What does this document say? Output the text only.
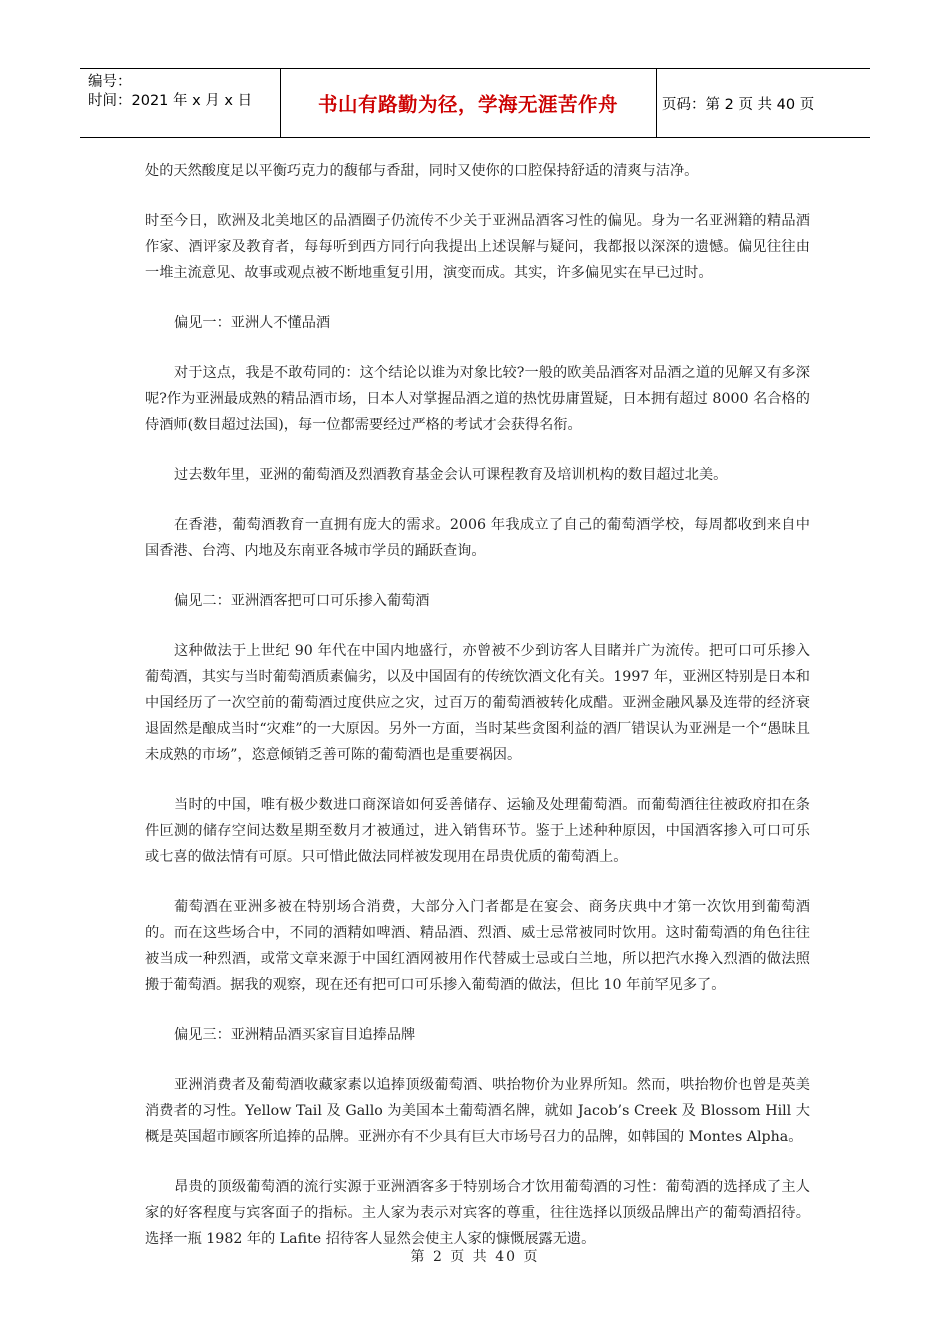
编号：
时间：2021 年 x 月 x 日	书山有路勤为径，学海无涯苦作舟	页码：第 2 页 共 40 页

处的天然酸度足以平衡巧克力的馥郁与香甜，同时又使你的口腔保持舒适的清爽与洁净。

时至今日，欧洲及北美地区的品酒圈子仍流传不少关于亚洲品酒客习性的偏见。身为一名亚洲籍的精品酒作家、酒评家及教育者，每每听到西方同行向我提出上述误解与疑问，我都报以深深的遗憾。偏见往往由一堆主流意见、故事或观点被不断地重复引用，演变而成。其实，许多偏见实在早已过时。

偏见一：亚洲人不懂品酒

对于这点，我是不敢苟同的：这个结论以谁为对象比较?一般的欧美品酒客对品酒之道的见解又有多深呢?作为亚洲最成熟的精品酒市场，日本人对掌握品酒之道的热忱毋庸置疑，日本拥有超过 8000 名合格的侍酒师(数目超过法国)，每一位都需要经过严格的考试才会获得名衔。

过去数年里，亚洲的葡萄酒及烈酒教育基金会认可课程教育及培训机构的数目超过北美。

在香港，葡萄酒教育一直拥有庞大的需求。2006 年我成立了自己的葡萄酒学校，每周都收到来自中国香港、台湾、内地及东南亚各城市学员的踊跃查询。

偏见二：亚洲酒客把可口可乐掺入葡萄酒

这种做法于上世纪 90 年代在中国内地盛行，亦曾被不少到访客人目睹并广为流传。把可口可乐掺入葡萄酒，其实与当时葡萄酒质素偏劣，以及中国固有的传统饮酒文化有关。1997 年，亚洲区特别是日本和中国经历了一次空前的葡萄酒过度供应之灾，过百万的葡萄酒被转化成醋。亚洲金融风暴及连带的经济衰退固然是酿成当时“灾难”的一大原因。另外一方面，当时某些贪图利益的酒厂错误认为亚洲是一个“愚昧且未成熟的市场”，恣意倾销乏善可陈的葡萄酒也是重要祸因。

当时的中国，唯有极少数进口商深谙如何妥善储存、运输及处理葡萄酒。而葡萄酒往往被政府扣在条件叵测的储存空间达数星期至数月才被通过，进入销售环节。鉴于上述种种原因，中国酒客掺入可口可乐或七喜的做法情有可原。只可惜此做法同样被发现用在昂贵优质的葡萄酒上。

葡萄酒在亚洲多被在特别场合消费，大部分入门者都是在宴会、商务庆典中才第一次饮用到葡萄酒的。而在这些场合中，不同的酒精如啤酒、精品酒、烈酒、威士忌常被同时饮用。这时葡萄酒的角色往往被当成一种烈酒，或常文章来源于中国红酒网被用作代替威士忌或白兰地，所以把汽水搀入烈酒的做法照搬于葡萄酒。据我的观察，现在还有把可口可乐掺入葡萄酒的做法，但比 10 年前罕见多了。

偏见三：亚洲精品酒买家盲目追捧品牌

亚洲消费者及葡萄酒收藏家素以追捧顶级葡萄酒、哄抬物价为业界所知。然而，哄抬物价也曾是英美消费者的习性。Yellow Tail 及 Gallo 为美国本土葡萄酒名牌，就如 Jacob’s Creek 及 Blossom Hill 大概是英国超市顾客所追捧的品牌。亚洲亦有不少具有巨大市场号召力的品牌，如韩国的 Montes Alpha。

昂贵的顶级葡萄酒的流行实源于亚洲酒客多于特别场合才饮用葡萄酒的习性：葡萄酒的选择成了主人家的好客程度与宾客面子的指标。主人家为表示对宾客的尊重，往往选择以顶级品牌出产的葡萄酒招待。选择一瓶 1982 年的 Lafite 招待客人显然会使主人家的慷慨展露无遗。

第 2 页 共 40 页
